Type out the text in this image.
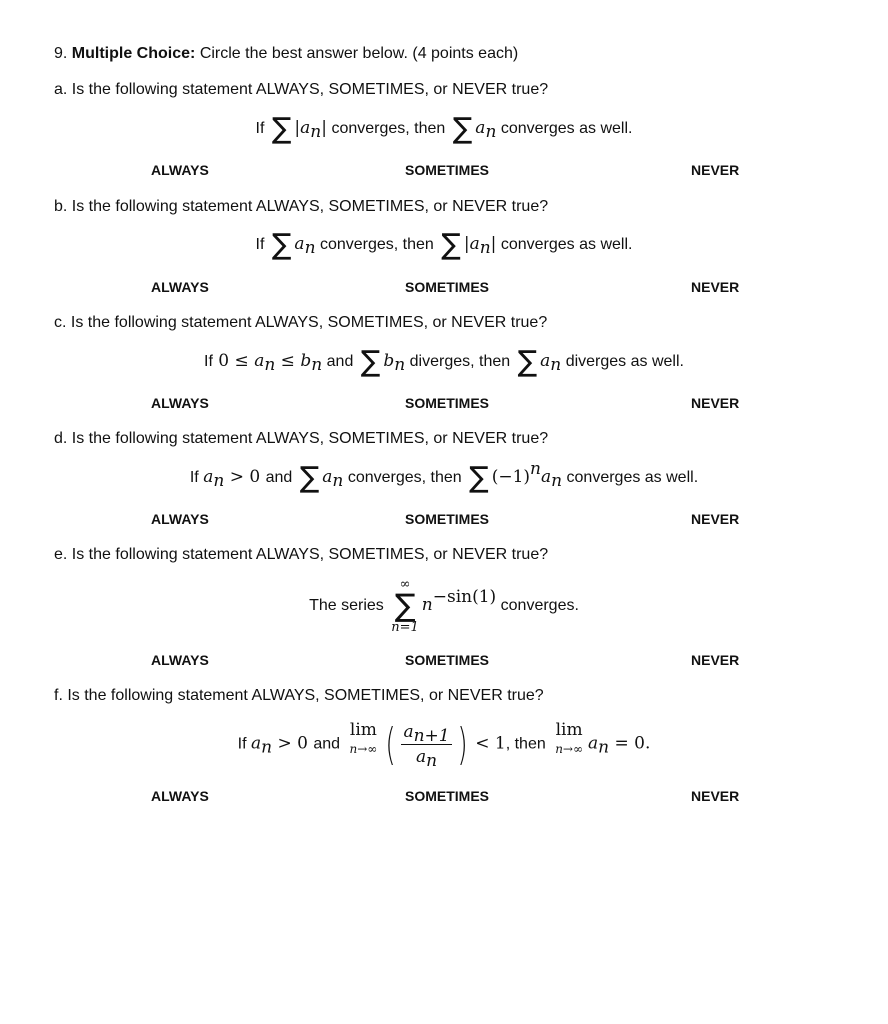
9. Multiple Choice: Circle the best answer below. (4 points each)
a. Is the following statement ALWAYS, SOMETIMES, or NEVER true?
If ∑ $|a_n|$ converges, then ∑ $a_n$ converges as well.
ALWAYS	SOMETIMES	NEVER
b. Is the following statement ALWAYS, SOMETIMES, or NEVER true?
If ∑ $a_n$ converges, then ∑ $|a_n|$ converges as well.
ALWAYS	SOMETIMES	NEVER
c. Is the following statement ALWAYS, SOMETIMES, or NEVER true?
If $0 \le a_n \le b_n$ and ∑ $b_n$ diverges, then ∑ $a_n$ diverges as well.
ALWAYS	SOMETIMES	NEVER
d. Is the following statement ALWAYS, SOMETIMES, or NEVER true?
If $a_n > 0$ and ∑ $a_n$ converges, then ∑ $(-1)^na_n$ converges as well.
ALWAYS	SOMETIMES	NEVER
e. Is the following statement ALWAYS, SOMETIMES, or NEVER true?
The series
∞
∑
n=1
$n^{-sin(1)}$ converges.
ALWAYS	SOMETIMES	NEVER
f. Is the following statement ALWAYS, SOMETIMES, or NEVER true?
If $a_n > 0$ and
lim
n→∞ ( $\frac{a_{n+1}}{a_n}$ ) < 1, then
lim
n→∞ $a_n = 0$.
ALWAYS	SOMETIMES	NEVER
